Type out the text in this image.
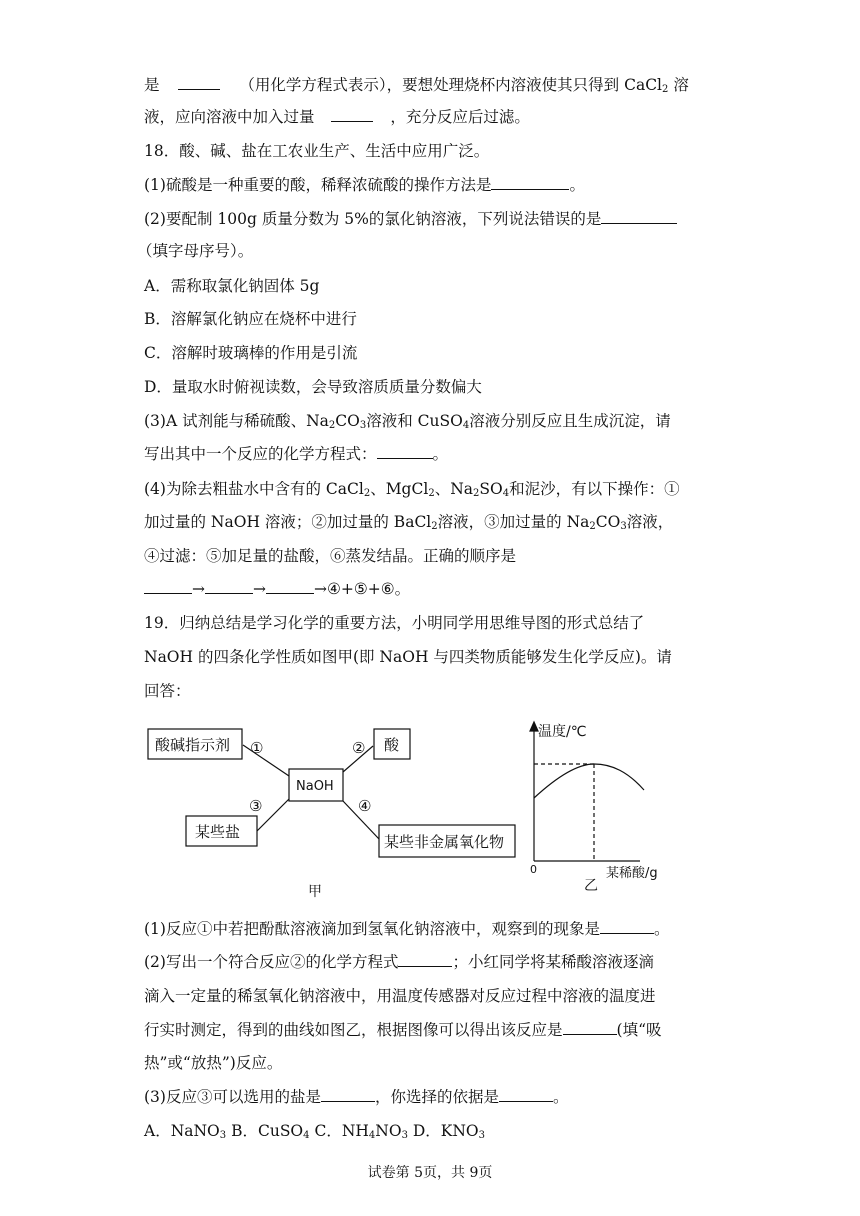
是	（用化学方程式表示），要想处理烧杯内溶液使其只得到 CaCl$_2$ 溶
液，应向溶液中加入过量	，充分反应后过滤。
18．酸、碱、盐在工农业生产、生活中应用广泛。
(1)硫酸是一种重要的酸，稀释浓硫酸的操作方法是	。
(2)要配制 100g 质量分数为 5%的氯化钠溶液，下列说法错误的是
（填字母序号）。
A．需称取氯化钠固体 5g
B．溶解氯化钠应在烧杯中进行
C．溶解时玻璃棒的作用是引流
D．量取水时俯视读数，会导致溶质质量分数偏大
(3)A 试剂能与稀硫酸、$Na_2CO_3$溶液和 CuSO$_4$溶液分别反应且生成沉淀，请
写出其中一个反应的化学方程式：	。
(4)为除去粗盐水中含有的 CaCl$_2$、MgCl$_2$、$Na_2SO_4$和泥沙，有以下操作：①
加过量的 NaOH 溶液；②加过量的 BaCl$_2$溶液，③加过量的 $Na_2CO_3$溶液，
④过滤：⑤加足量的盐酸，⑥蒸发结晶。正确的顺序是
→	→	→④+⑤+⑥。
19．归纳总结是学习化学的重要方法，小明同学用思维导图的形式总结了
NaOH 的四条化学性质如图甲(即 NaOH 与四类物质能够发生化学反应)。请
回答：
酸碱指示剂	酸
NaOH
某些盐
某些非金属氧化物
①	②
③	④
甲
温度/℃
0	某稀酸/g
乙
(1)反应①中若把酚酞溶液滴加到氢氧化钠溶液中，观察到的现象是	。
(2)写出一个符合反应②的化学方程式	；小红同学将某稀酸溶液逐滴
滴入一定量的稀氢氧化钠溶液中，用温度传感器对反应过程中溶液的温度进
行实时测定，得到的曲线如图乙，根据图像可以得出该反应是	(填“吸
热”或“放热”)反应。
(3)反应③可以选用的盐是	，你选择的依据是	。
A．NaNO$_3$ B．CuSO$_4$ C．$NH_4NO_3$ D．$KNO_3$
试卷第 5页，共 9页
